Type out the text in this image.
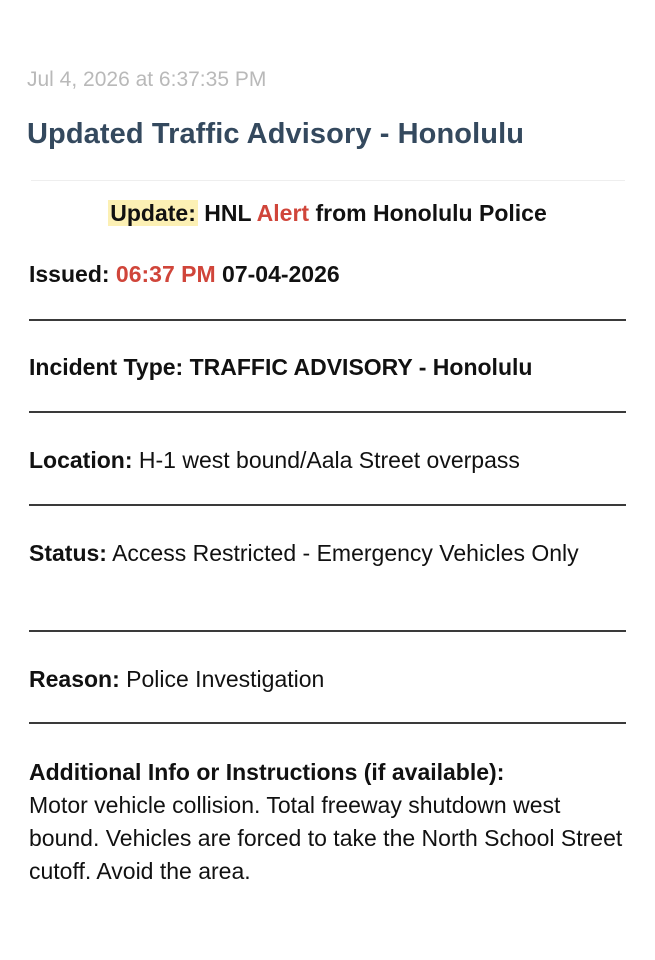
Jul 4, 2026 at 6:37:35 PM
Updated Traffic Advisory - Honolulu
Update: HNL Alert from Honolulu Police
Issued: 06:37 PM 07-04-2026
Incident Type: TRAFFIC ADVISORY - Honolulu
Location: H-1 west bound/Aala Street overpass
Status: Access Restricted - Emergency Vehicles Only
Reason: Police Investigation
Additional Info or Instructions (if available):
Motor vehicle collision. Total freeway shutdown west bound. Vehicles are forced to take the North School Street cutoff. Avoid the area.
